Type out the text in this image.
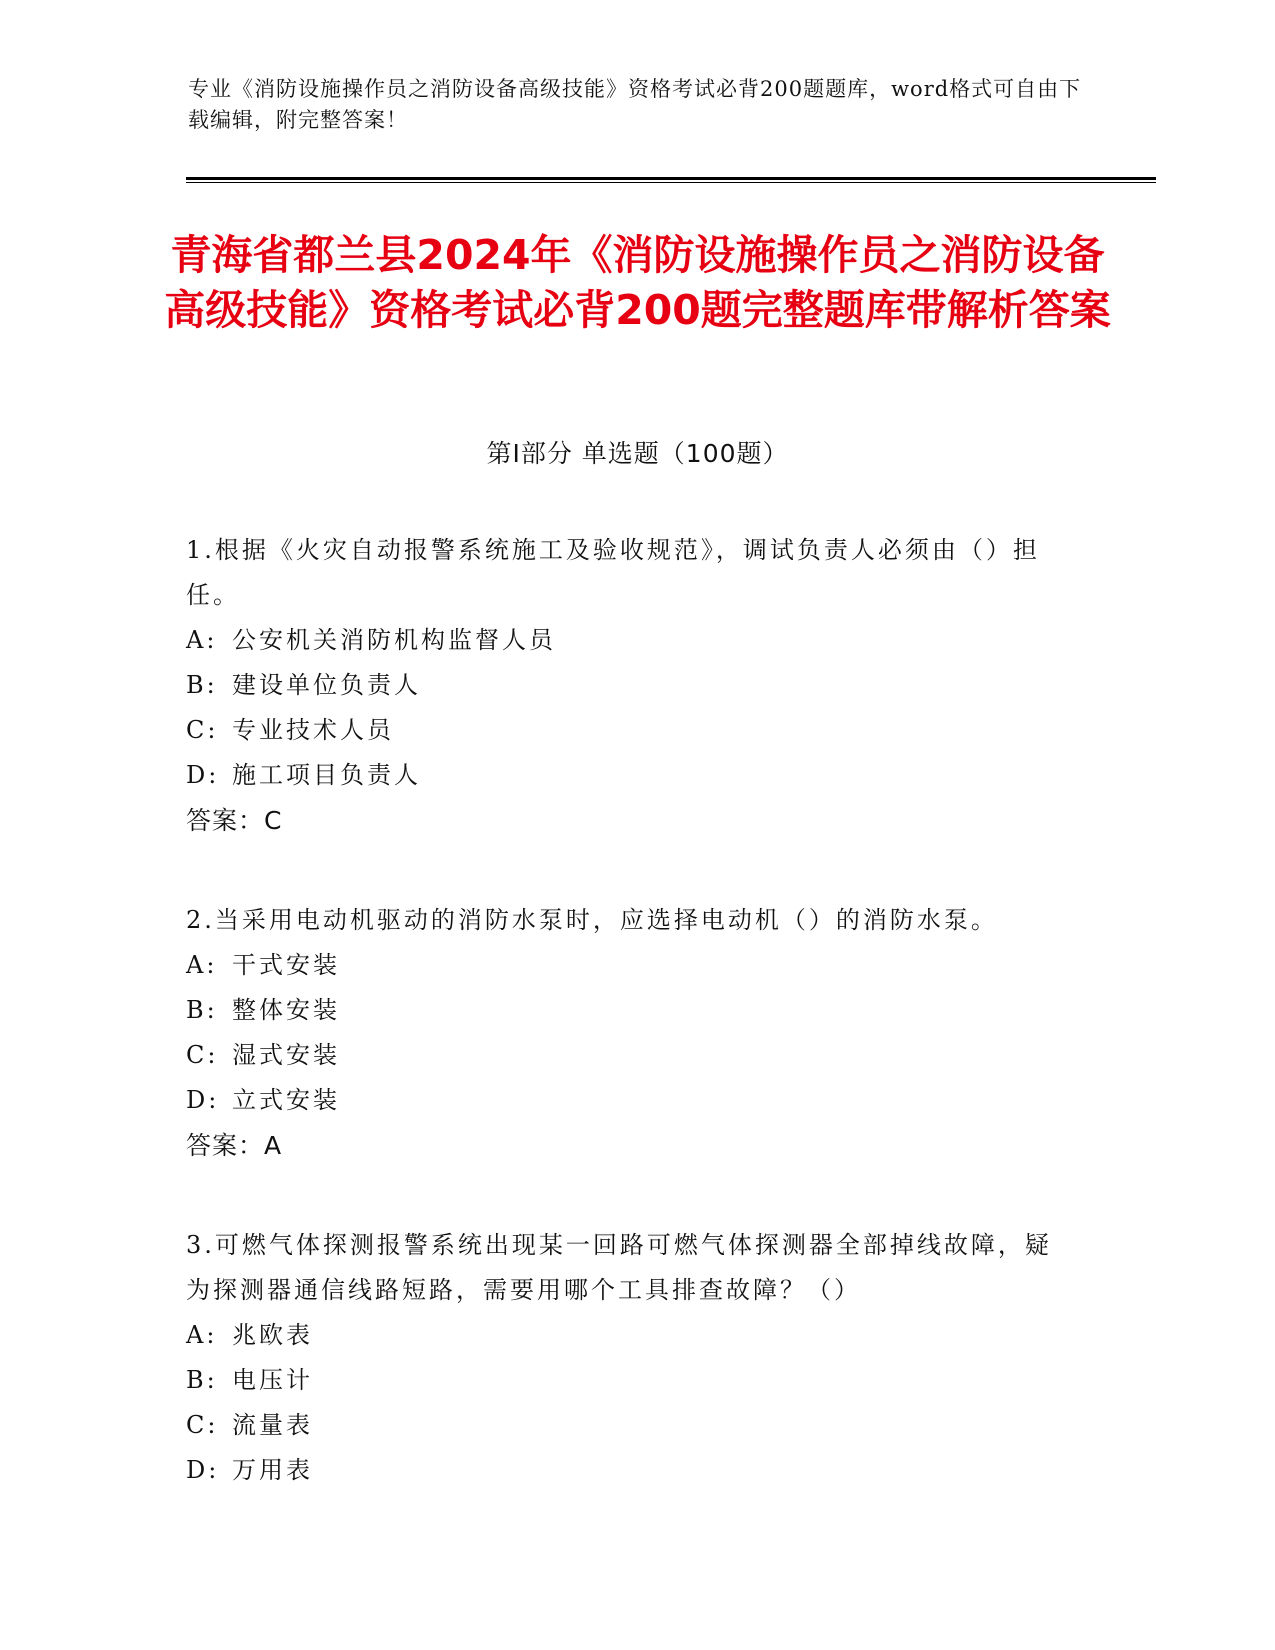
专业《消防设施操作员之消防设备高级技能》资格考试必背200题题库，word格式可自由下载编辑，附完整答案！
青海省都兰县2024年《消防设施操作员之消防设备高级技能》资格考试必背200题完整题库带解析答案
第Ⅰ部分 单选题（100题）
1.根据《火灾自动报警系统施工及验收规范》，调试负责人必须由（）担任。
A: 公安机关消防机构监督人员
B: 建设单位负责人
C: 专业技术人员
D: 施工项目负责人
答案：C
2.当采用电动机驱动的消防水泵时，应选择电动机（）的消防水泵。
A: 干式安装
B: 整体安装
C: 湿式安装
D: 立式安装
答案：A
3.可燃气体探测报警系统出现某一回路可燃气体探测器全部掉线故障，疑为探测器通信线路短路，需要用哪个工具排查故障？（）
A: 兆欧表
B: 电压计
C: 流量表
D: 万用表
